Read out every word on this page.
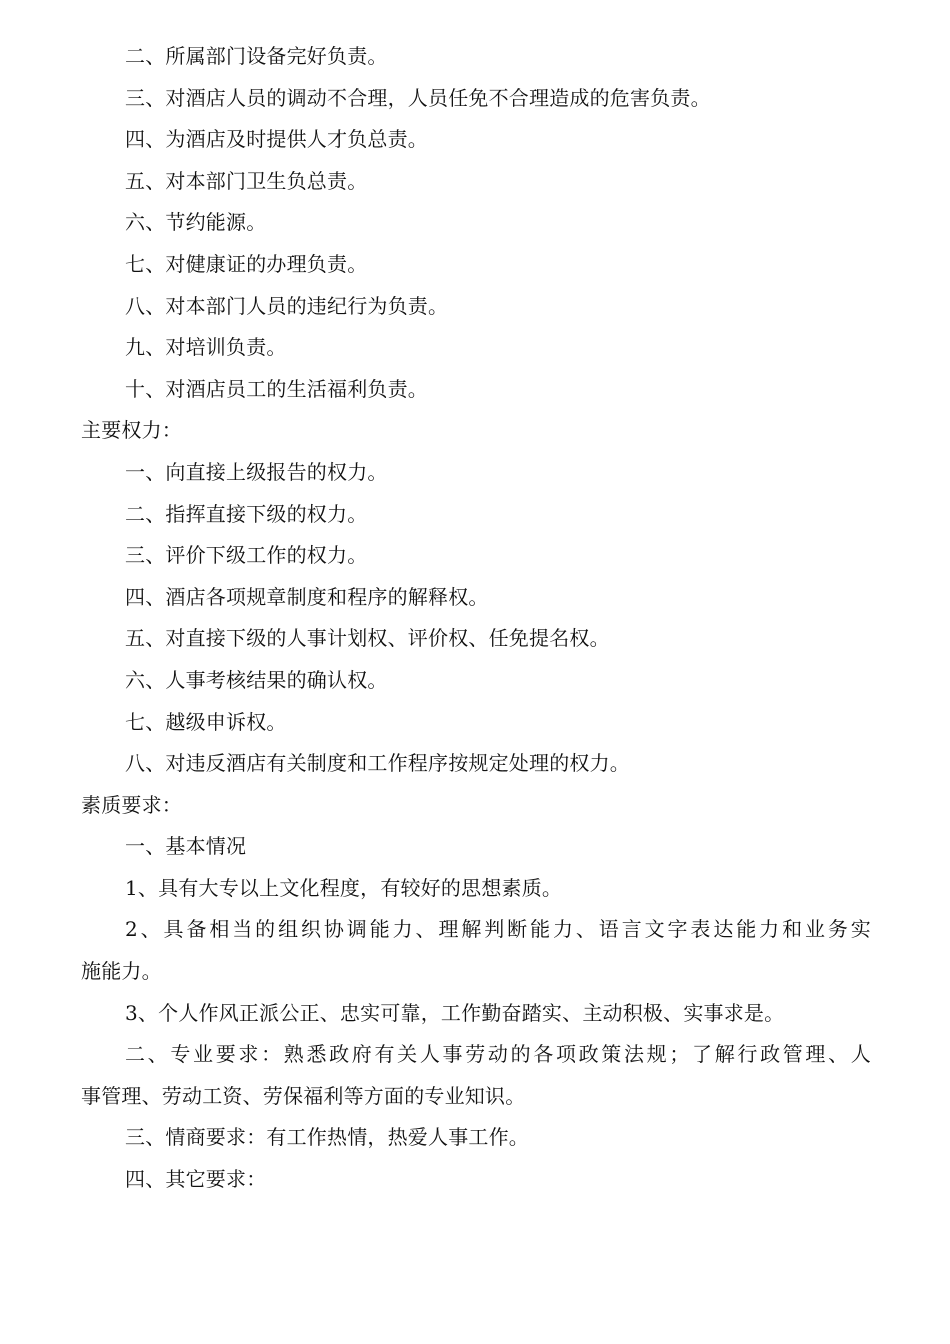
二、所属部门设备完好负责。
三、对酒店人员的调动不合理，人员任免不合理造成的危害负责。
四、为酒店及时提供人才负总责。
五、对本部门卫生负总责。
六、节约能源。
七、对健康证的办理负责。
八、对本部门人员的违纪行为负责。
九、对培训负责。
十、对酒店员工的生活福利负责。
主要权力：
一、向直接上级报告的权力。
二、指挥直接下级的权力。
三、评价下级工作的权力。
四、酒店各项规章制度和程序的解释权。
五、对直接下级的人事计划权、评价权、任免提名权。
六、人事考核结果的确认权。
七、越级申诉权。
八、对违反酒店有关制度和工作程序按规定处理的权力。
素质要求：
一、基本情况
1、具有大专以上文化程度，有较好的思想素质。
2、具备相当的组织协调能力、理解判断能力、语言文字表达能力和业务实
施能力。
3、个人作风正派公正、忠实可靠，工作勤奋踏实、主动积极、实事求是。
二、专业要求：熟悉政府有关人事劳动的各项政策法规；了解行政管理、人
事管理、劳动工资、劳保福利等方面的专业知识。
三、情商要求：有工作热情，热爱人事工作。
四、其它要求：
